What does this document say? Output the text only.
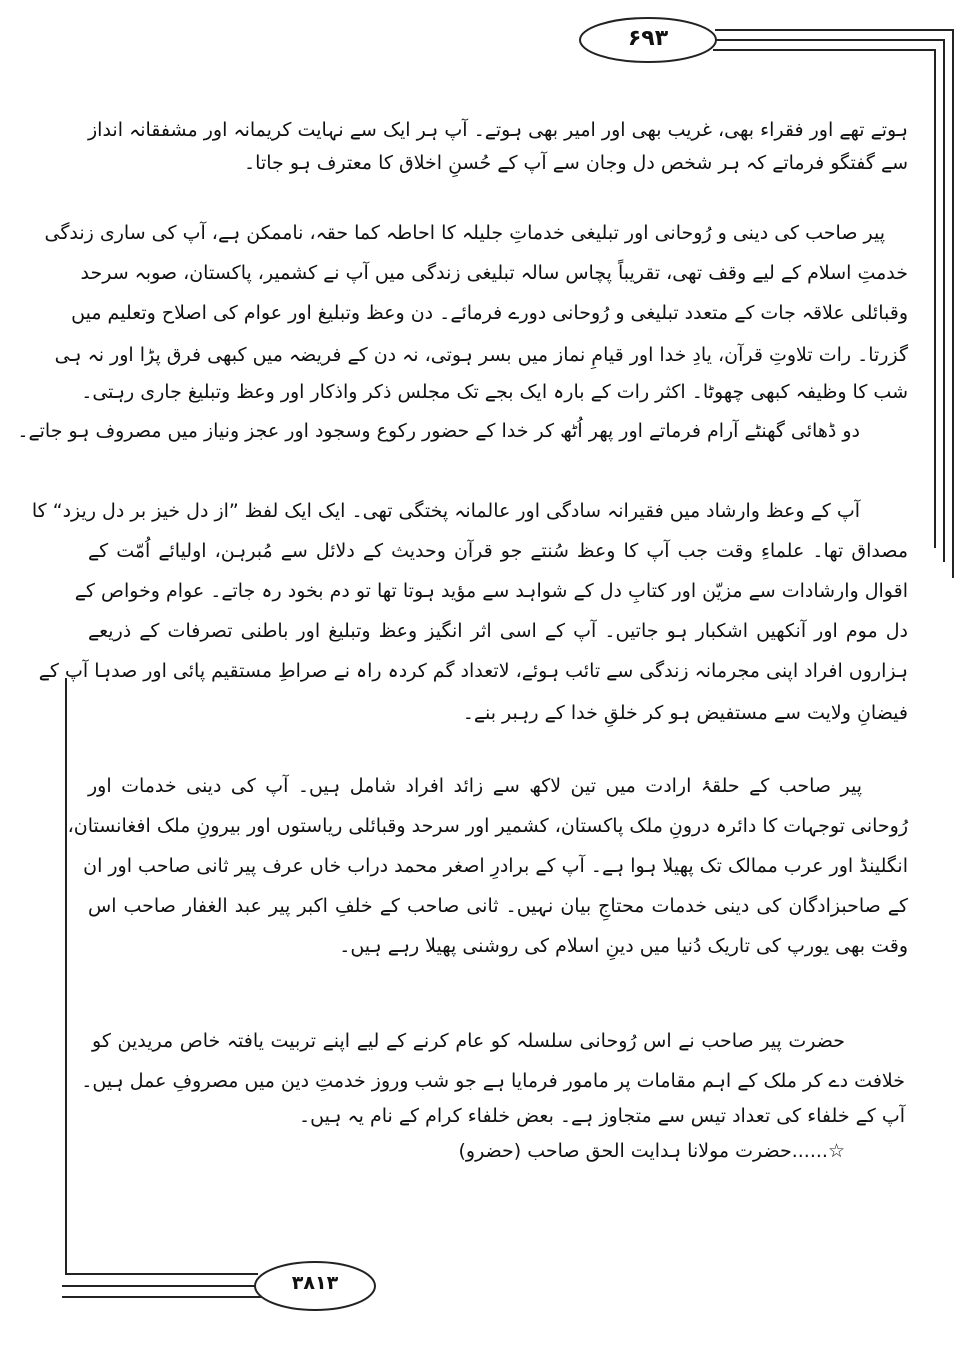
۶۹۳
۳۸۱۳
ہوتے تھے اور فقراء بھی، غریب بھی اور امیر بھی ہوتے۔ آپ ہر ایک سے نہایت کریمانہ اور مشفقانہ انداز
سے گفتگو فرماتے کہ ہر شخص دل وجان سے آپ کے حُسنِ اخلاق کا معترف ہو جاتا۔
پیر صاحب کی دینی و رُوحانی اور تبلیغی خدماتِ جلیلہ کا احاطہ کما حقہ، ناممکن ہے، آپ کی ساری زندگی
خدمتِ اسلام کے لیے وقف تھی، تقریباً پچاس سالہ تبلیغی زندگی میں آپ نے کشمیر، پاکستان، صوبہ سرحد
وقبائلی علاقہ جات کے متعدد تبلیغی و رُوحانی دورے فرمائے۔ دن وعظ وتبلیغ اور عوام کی اصلاح وتعلیم میں
گزرتا۔ رات تلاوتِ قرآن، یادِ خدا اور قیامِ نماز میں بسر ہوتی، نہ دن کے فریضہ میں کبھی فرق پڑا اور نہ ہی
شب کا وظیفہ کبھی چھوٹا۔ اکثر رات کے بارہ ایک بجے تک مجلس ذکر واذکار اور وعظ وتبلیغ جاری رہتی۔
دو ڈھائی گھنٹے آرام فرماتے اور پھر اُٹھ کر خدا کے حضور رکوع وسجود اور عجز ونیاز میں مصروف ہو جاتے۔
آپ کے وعظ وارشاد میں فقیرانہ سادگی اور عالمانہ پختگی تھی۔ ایک ایک لفظ ”از دل خیز بر دل ریزد“ کا
مصداق تھا۔ علماءِ وقت جب آپ کا وعظ سُنتے جو قرآن وحدیث کے دلائل سے مُبرہن، اولیائے اُمّت کے
اقوال وارشادات سے مزیّن اور کتابِ دل کے شواہد سے مؤید ہوتا تھا تو دم بخود رہ جاتے۔ عوام وخواص کے
دل موم اور آنکھیں اشکبار ہو جاتیں۔ آپ کے اسی اثر انگیز وعظ وتبلیغ اور باطنی تصرفات کے ذریعے
ہزاروں افراد اپنی مجرمانہ زندگی سے تائب ہوئے، لاتعداد گم کردہ راہ نے صراطِ مستقیم پائی اور صدہا آپ کے
فیضانِ ولایت سے مستفیض ہو کر خلقِ خدا کے رہبر بنے۔
پیر صاحب کے حلقۂ ارادت میں تین لاکھ سے زائد افراد شامل ہیں۔ آپ کی دینی خدمات اور
رُوحانی توجہات کا دائرہ درونِ ملک پاکستان، کشمیر اور سرحد وقبائلی ریاستوں اور بیرونِ ملک افغانستان،
انگلینڈ اور عرب ممالک تک پھیلا ہوا ہے۔ آپ کے برادرِ اصغر محمد دراب خاں عرف پیر ثانی صاحب اور ان
کے صاحبزادگان کی دینی خدمات محتاجِ بیان نہیں۔ ثانی صاحب کے خلفِ اکبر پیر عبد الغفار صاحب اس
وقت بھی یورپ کی تاریک دُنیا میں دینِ اسلام کی روشنی پھیلا رہے ہیں۔
حضرت پیر صاحب نے اس رُوحانی سلسلہ کو عام کرنے کے لیے اپنے تربیت یافتہ خاص مریدین کو
خلافت دے کر ملک کے اہم مقامات پر مامور فرمایا ہے جو شب وروز خدمتِ دین میں مصروفِ عمل ہیں۔
آپ کے خلفاء کی تعداد تیس سے متجاوز ہے۔ بعض خلفاء کرام کے نام یہ ہیں۔
☆......حضرت مولانا ہدایت الحق صاحب (حضرو)
